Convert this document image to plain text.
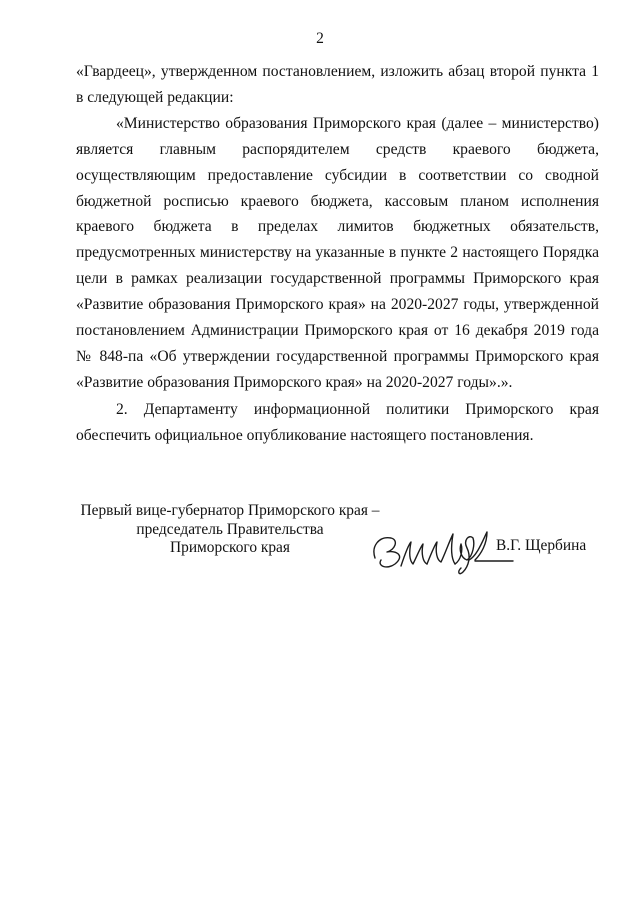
2

«Гвардеец», утвержденном постановлением, изложить абзац второй пункта 1 в следующей редакции:

«Министерство образования Приморского края (далее – министерство) является главным распорядителем средств краевого бюджета, осуществляющим предоставление субсидии в соответствии со сводной бюджетной росписью краевого бюджета, кассовым планом исполнения краевого бюджета в пределах лимитов бюджетных обязательств, предусмотренных министерству на указанные в пункте 2 настоящего Порядка цели в рамках реализации государственной программы Приморского края «Развитие образования Приморского края» на 2020-2027 годы, утвержденной постановлением Администрации Приморского края от 16 декабря 2019 года № 848-па «Об утверждении государственной программы Приморского края «Развитие образования Приморского края» на 2020-2027 годы».».

2. Департаменту информационной политики Приморского края обеспечить официальное опубликование настоящего постановления.

Первый вице-губернатор Приморского края –
председатель Правительства
Приморского края	В.Г. Щербина
